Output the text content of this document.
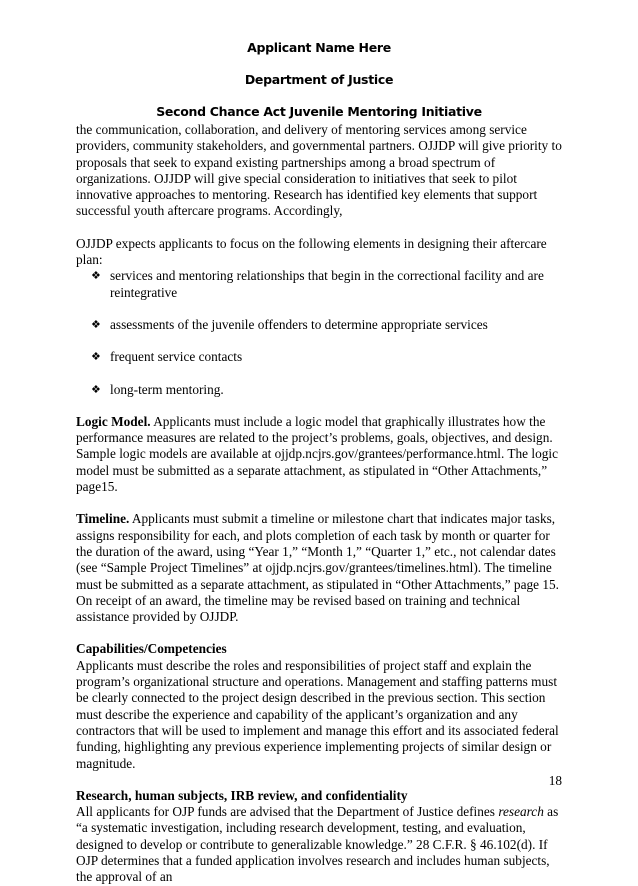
Applicant Name Here
Department of Justice
Second Chance Act Juvenile Mentoring Initiative

the communication, collaboration, and delivery of mentoring services among service providers, community stakeholders, and governmental partners. OJJDP will give priority to proposals that seek to expand existing partnerships among a broad spectrum of organizations. OJJDP will give special consideration to initiatives that seek to pilot innovative approaches to mentoring. Research has identified key elements that support successful youth aftercare programs. Accordingly,

OJJDP expects applicants to focus on the following elements in designing their aftercare plan:

❖ services and mentoring relationships that begin in the correctional facility and are reintegrative
❖ assessments of the juvenile offenders to determine appropriate services
❖ frequent service contacts
❖ long-term mentoring.

Logic Model. Applicants must include a logic model that graphically illustrates how the performance measures are related to the project’s problems, goals, objectives, and design. Sample logic models are available at ojjdp.ncjrs.gov/grantees/performance.html. The logic model must be submitted as a separate attachment, as stipulated in “Other Attachments,” page15.

Timeline. Applicants must submit a timeline or milestone chart that indicates major tasks, assigns responsibility for each, and plots completion of each task by month or quarter for the duration of the award, using “Year 1,” “Month 1,” “Quarter 1,” etc., not calendar dates (see “Sample Project Timelines” at ojjdp.ncjrs.gov/grantees/timelines.html). The timeline must be submitted as a separate attachment, as stipulated in “Other Attachments,” page 15. On receipt of an award, the timeline may be revised based on training and technical assistance provided by OJJDP.

Capabilities/Competencies

Applicants must describe the roles and responsibilities of project staff and explain the program’s organizational structure and operations. Management and staffing patterns must be clearly connected to the project design described in the previous section. This section must describe the experience and capability of the applicant’s organization and any contractors that will be used to implement and manage this effort and its associated federal funding, highlighting any previous experience implementing projects of similar design or magnitude.

Research, human subjects, IRB review, and confidentiality

All applicants for OJP funds are advised that the Department of Justice defines research as “a systematic investigation, including research development, testing, and evaluation, designed to develop or contribute to generalizable knowledge.” 28 C.F.R. § 46.102(d). If OJP determines that a funded application involves research and includes human subjects, the approval of an

18
